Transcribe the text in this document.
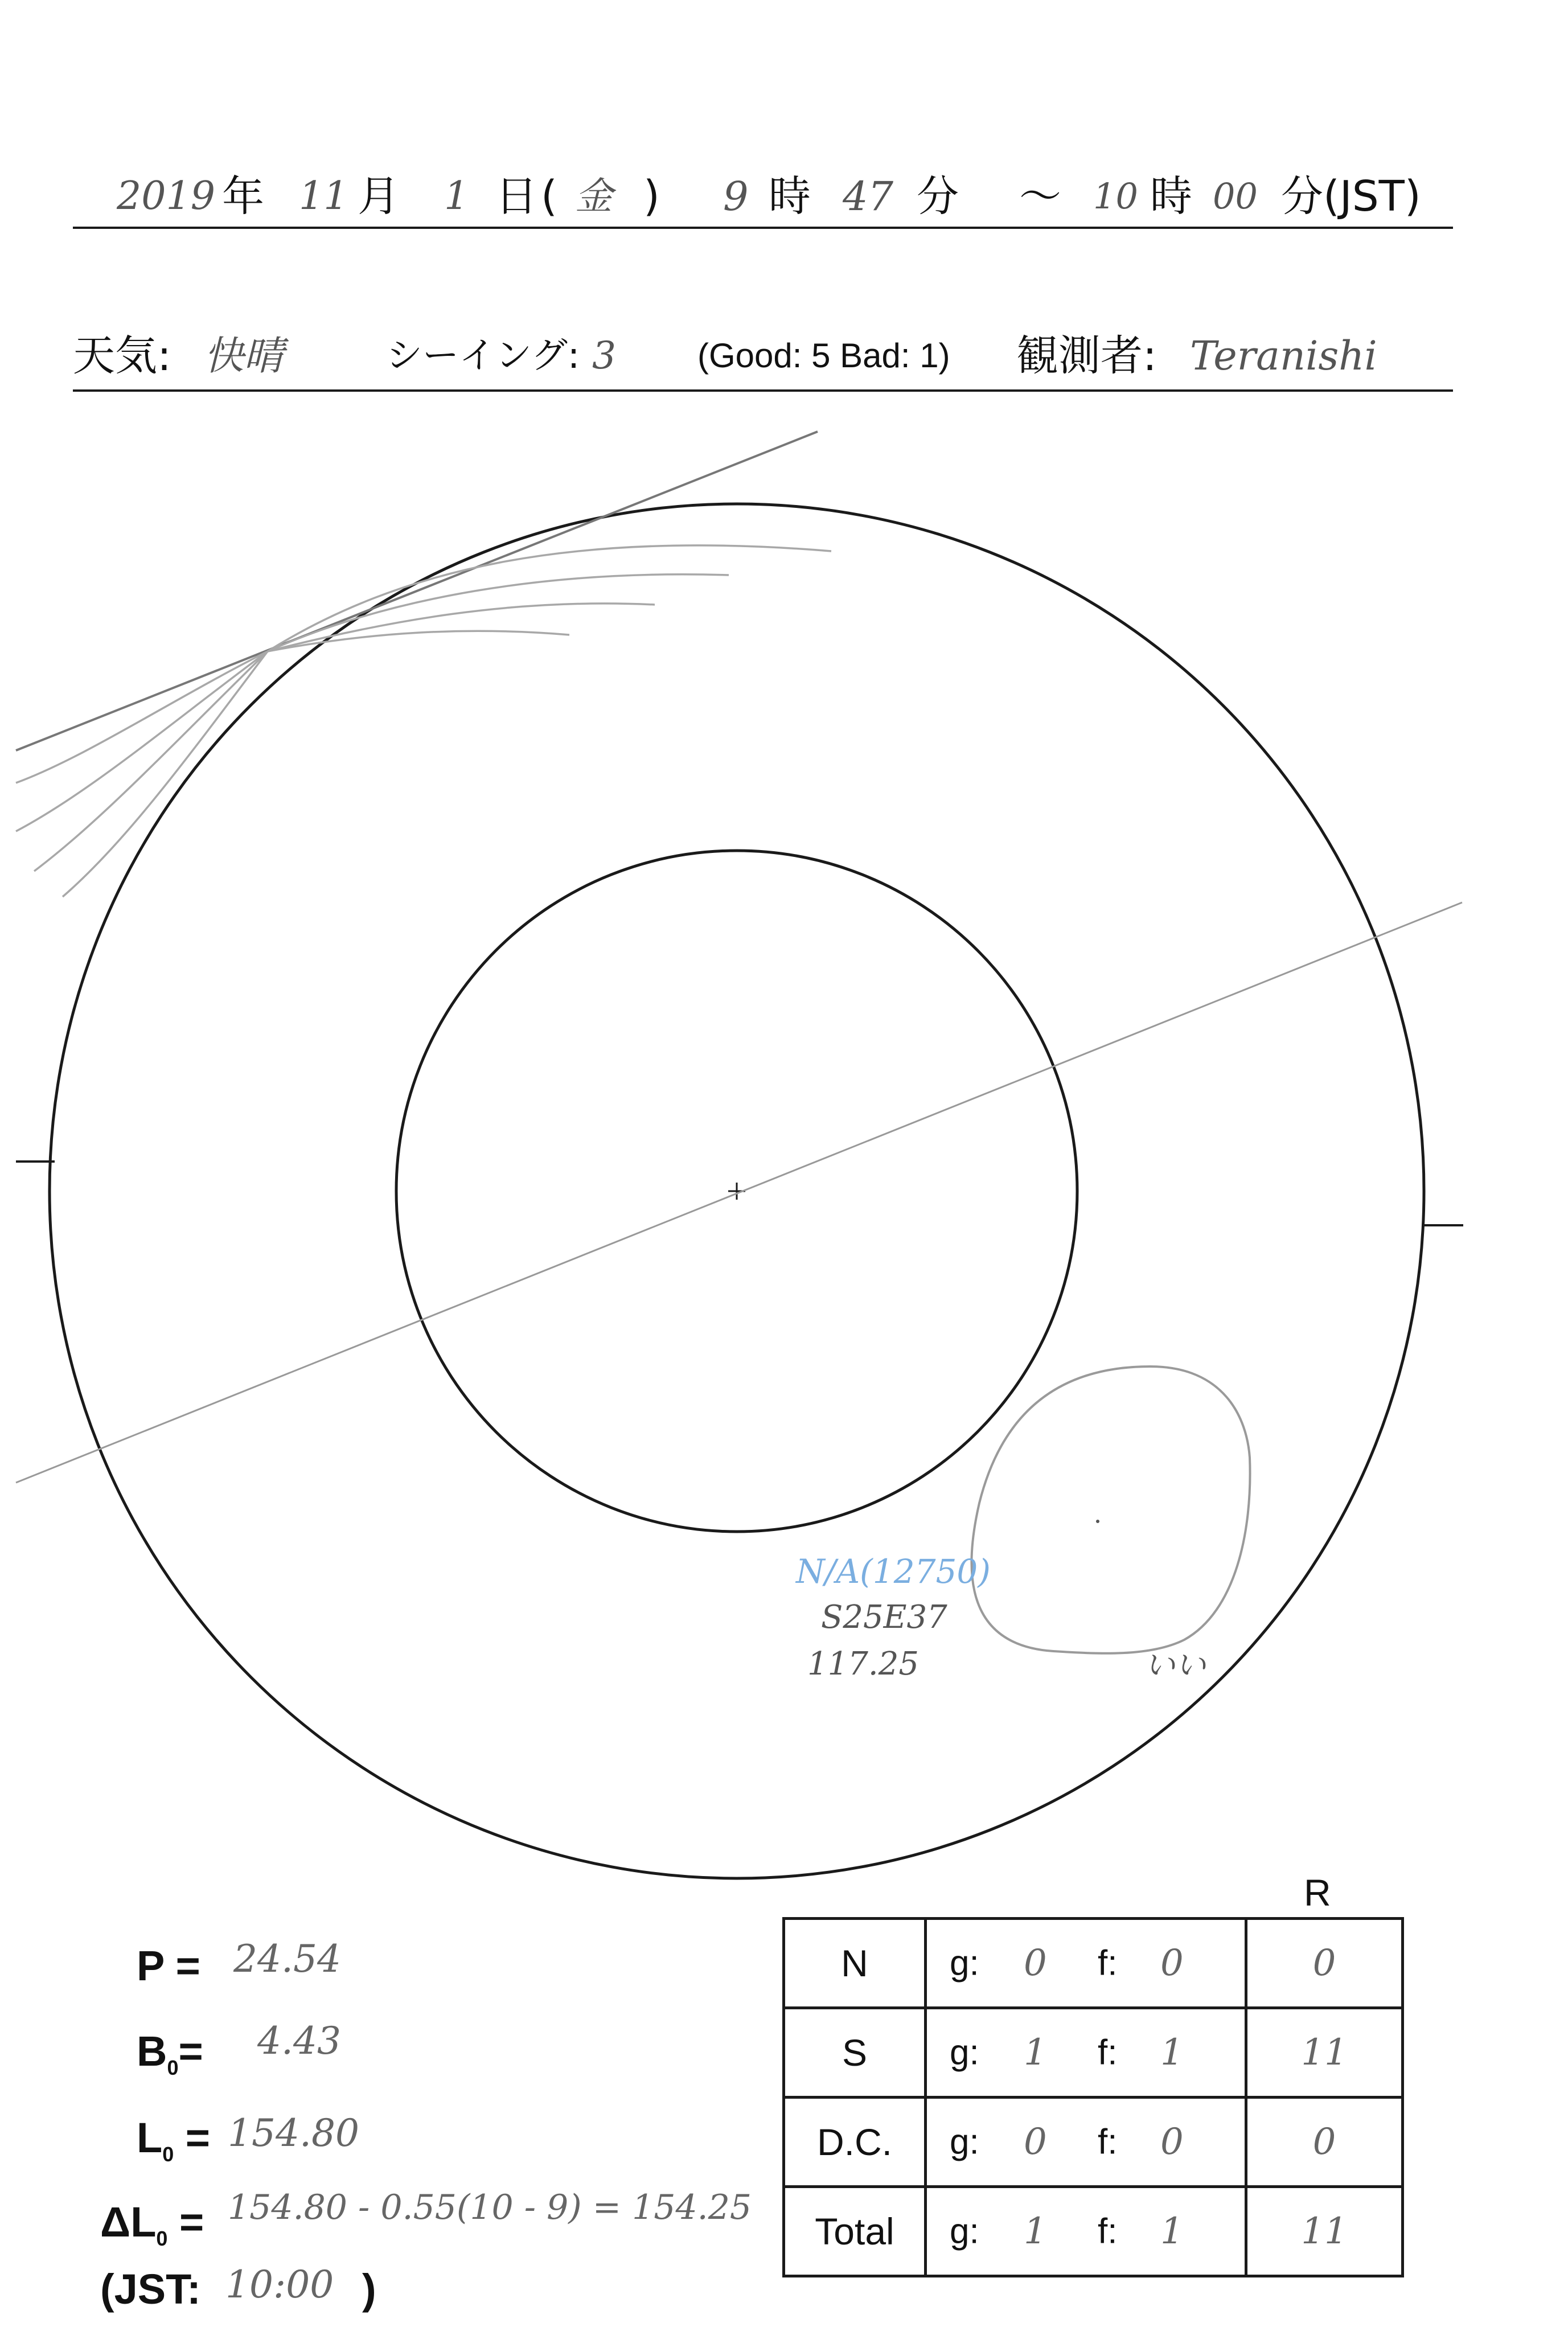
2019 年 11 月 1 日 ( 金 ) 9 時 47 分 ～ 10 時 00 分(JST)
天気: 快晴	シーイング: 3 (Good: 5 Bad: 1) 観測者: Teranishi
N/A(12750)
S25E37
117.25	いい
P = 24.54
$B_0= 4.43$
$L_0 = 154.80$
$\Delta L_0 = 154.80 - 0.55(10 - 9) = 154.25$
(JST: 10:00 )
R
N	g: 0 f: 0	0
S	g: 1 f: 1	11
D.C.	g: 0 f: 0	0
Total	g: 1 f: 1	11
